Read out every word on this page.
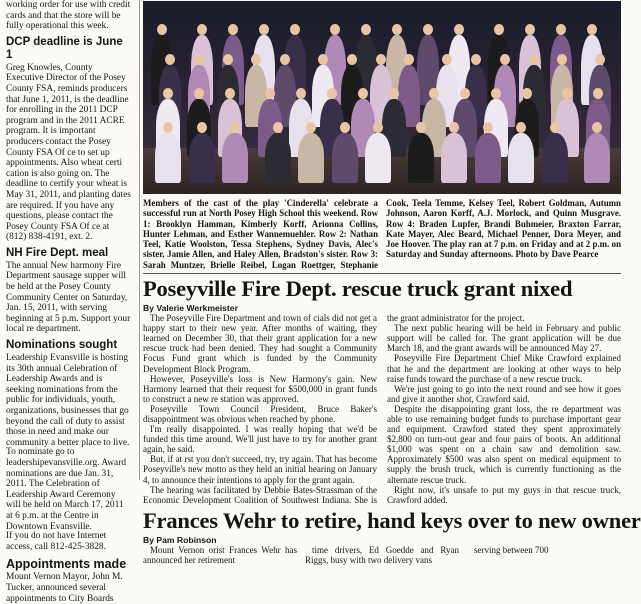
working order for use with credit cards and that the store will be fully operational this week.

DCP deadline is June 1

Greg Knowles, County Executive Director of the Posey County FSA, reminds producers that June 1, 2011, is the deadline for enrolling in the 2011 DCP program and in the 2011 ACRE program. It is important producers contact the Posey County FSA Of ce to set up appointments. Also wheat certi cation is also going on. The deadline to certify your wheat is May 31, 2011, and planting dates are required. If you have any questions, please contact the Posey County FSA Of ce at (812) 838-4191, ext. 2.

NH Fire Dept. meal

The annual New harmony Fire Department sausage supper will be held at the Posey County Community Center on Saturday, Jan. 15, 2011, with serving beginning at 5 p.m. Support your local re department.

Nominations sought

Leadership Evansville is hosting its 30th annual Celebration of Leadership Awards and is seeking nominations from the public for individuals, youth, organizations, businesses that go beyond the call of duty to assist those in need and make our community a better place to live.

To nominate go to leadershipevansville.org. Award nominations are due Jan. 31, 2011. The Celebration of Leadership Award Ceremony will be held on March 17, 2011 at 6 p.m. at the Centre in Downtown Evansville.

If you do not have Internet access, call 812-425-3828.

Appointments made

Mount Vernon Mayor, John M. Tucker, announced several appointments to City Boards

Members of the cast of the play 'Cinderella' celebrate a successful run at North Posey High School this weekend. Row 1: Brooklyn Hamman, Kimberly Korff, Arionna Collins, Hunter Lehman, and Esther Wannemuehler. Row 2: Nathan Teel, Katie Woolston, Tessa Stephens, Sydney Davis, Alec's sister, Jamie Allen, and Haley Allen, Bradston's sister. Row 3: Sarah Muntzer, Brielle Reibel, Logan Roettger, Stephanie Cook, Teela Temme, Kelsey Teel, Robert Goldman, Autumn Johnson, Aaron Korff, A.J. Morlock, and Quinn Musgrave. Row 4: Braden Lupfer, Brandi Buhmeier, Braxton Farrar, Kate Mayer, Alec Beard, Michael Penner, Dora Meyer, and Joe Hoover. The play ran at 7 p.m. on Friday and at 2 p.m. on Saturday and Sunday afternoons. Photo by Dave Pearce

Poseyville Fire Dept. rescue truck grant nixed

By Valerie Werkmeister

The Poseyville Fire Department and town of cials did not get a happy start to their new year. After months of waiting, they learned on December 30, that their grant application for a new rescue truck had been denied. They had sought a Community Focus Fund grant which is funded by the Community Development Block Program.

However, Poseyville's loss is New Harmony's gain. New Harmony learned that their request for $500,000 in grant funds to construct a new re station was approved.

Poseyville Town Council President, Bruce Baker's disappointment was obvious when reached by phone.

I'm really disappointed. I was really hoping that we'd be funded this time around. We'll just have to try for another grant again, he said.

But, if at rst you don't succeed, try, try again. That has become Poseyville's new motto as they held an initial hearing on January 4, to announce their intentions to apply for the grant again.

The hearing was facilitated by Debbie Bates-Strassman of the Economic Development Coalition of Southwest Indiana. She is the grant administrator for the project.

The next public hearing will be held in February and public support will be called for. The grant application will be due March 18, and the grant awards will be announced May 27.

Poseyville Fire Department Chief Mike Crawford explained that he and the department are looking at other ways to help raise funds toward the purchase of a new rescue truck.

We're just going to go into the next round and see how it goes and give it another shot, Crawford said.

Despite the disappointing grant loss, the re department was able to use remaining budget funds to purchase important gear and equipment. Crawford stated they spent approximately $2,800 on turn-out gear and four pairs of boots. An additional $1,000 was spent on a chain saw and demolition saw. Approximately $500 was also spent on medical equipment to supply the brush truck, which is currently functioning as the alternate rescue truck.

Right now, it's unsafe to put my guys in that rescue truck, Crawford added.

Frances Wehr to retire, hand keys over to new owner

By Pam Robinson

Mount Vernon orist Frances Wehr has announced her retirement

time drivers, Ed Goedde and Ryan Riggs, busy with two delivery vans

serving between 700
